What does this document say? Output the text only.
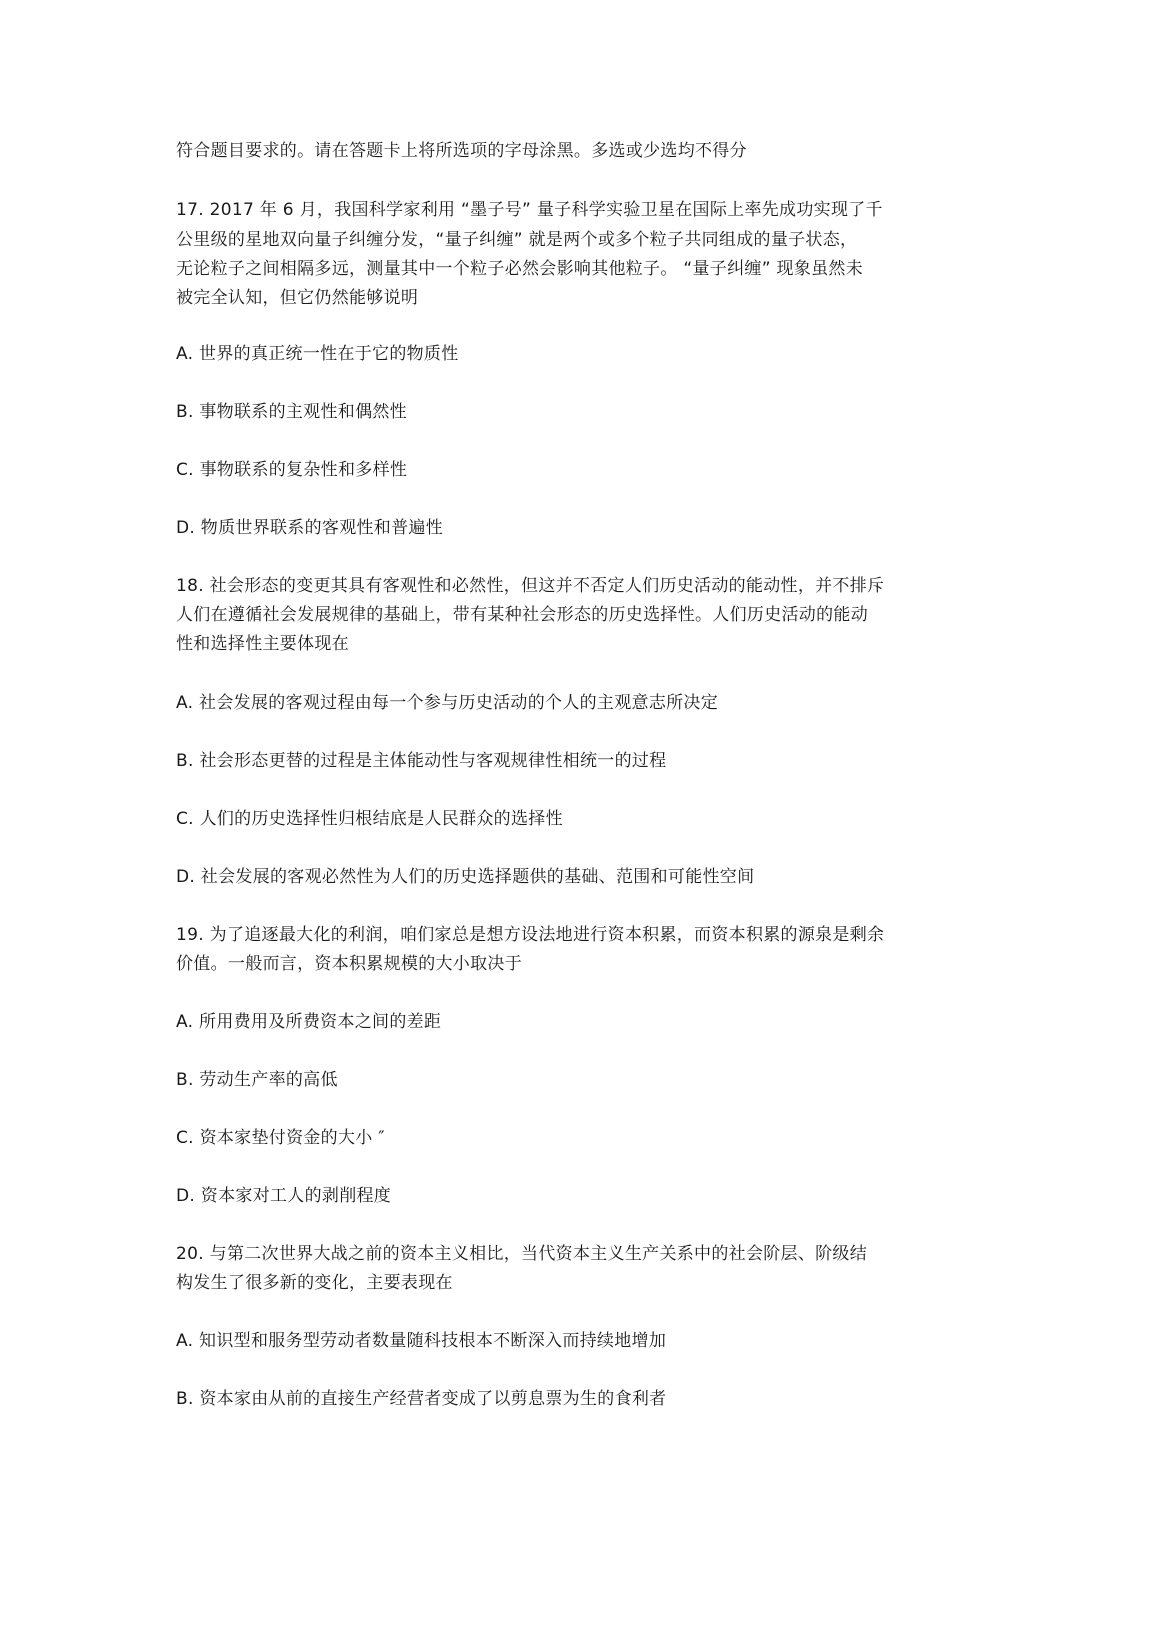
符合题目要求的。请在答题卡上将所选项的字母涂黑。多选或少选均不得分
17. 2017 年 6 月，我国科学家利用 “墨子号” 量子科学实验卫星在国际上率先成功实现了千
公里级的星地双向量子纠缠分发，“量子纠缠” 就是两个或多个粒子共同组成的量子状态，
无论粒子之间相隔多远，测量其中一个粒子必然会影响其他粒子。 “量子纠缠” 现象虽然未
被完全认知，但它仍然能够说明
A. 世界的真正统一性在于它的物质性
B. 事物联系的主观性和偶然性
C. 事物联系的复杂性和多样性
D. 物质世界联系的客观性和普遍性
18. 社会形态的变更其具有客观性和必然性，但这并不否定人们历史活动的能动性，并不排斥
人们在遵循社会发展规律的基础上，带有某种社会形态的历史选择性。人们历史活动的能动
性和选择性主要体现在
A. 社会发展的客观过程由每一个参与历史活动的个人的主观意志所决定
B. 社会形态更替的过程是主体能动性与客观规律性相统一的过程
C. 人们的历史选择性归根结底是人民群众的选择性
D. 社会发展的客观必然性为人们的历史选择题供的基础、范围和可能性空间
19. 为了追逐最大化的利润，咱们家总是想方设法地进行资本积累，而资本积累的源泉是剩余
价值。一般而言，资本积累规模的大小取决于
A. 所用费用及所费资本之间的差距
B. 劳动生产率的高低
C. 资本家垫付资金的大小 ″
D. 资本家对工人的剥削程度
20. 与第二次世界大战之前的资本主义相比，当代资本主义生产关系中的社会阶层、阶级结
构发生了很多新的变化，主要表现在
A. 知识型和服务型劳动者数量随科技根本不断深入而持续地增加
B. 资本家由从前的直接生产经营者变成了以剪息票为生的食利者
